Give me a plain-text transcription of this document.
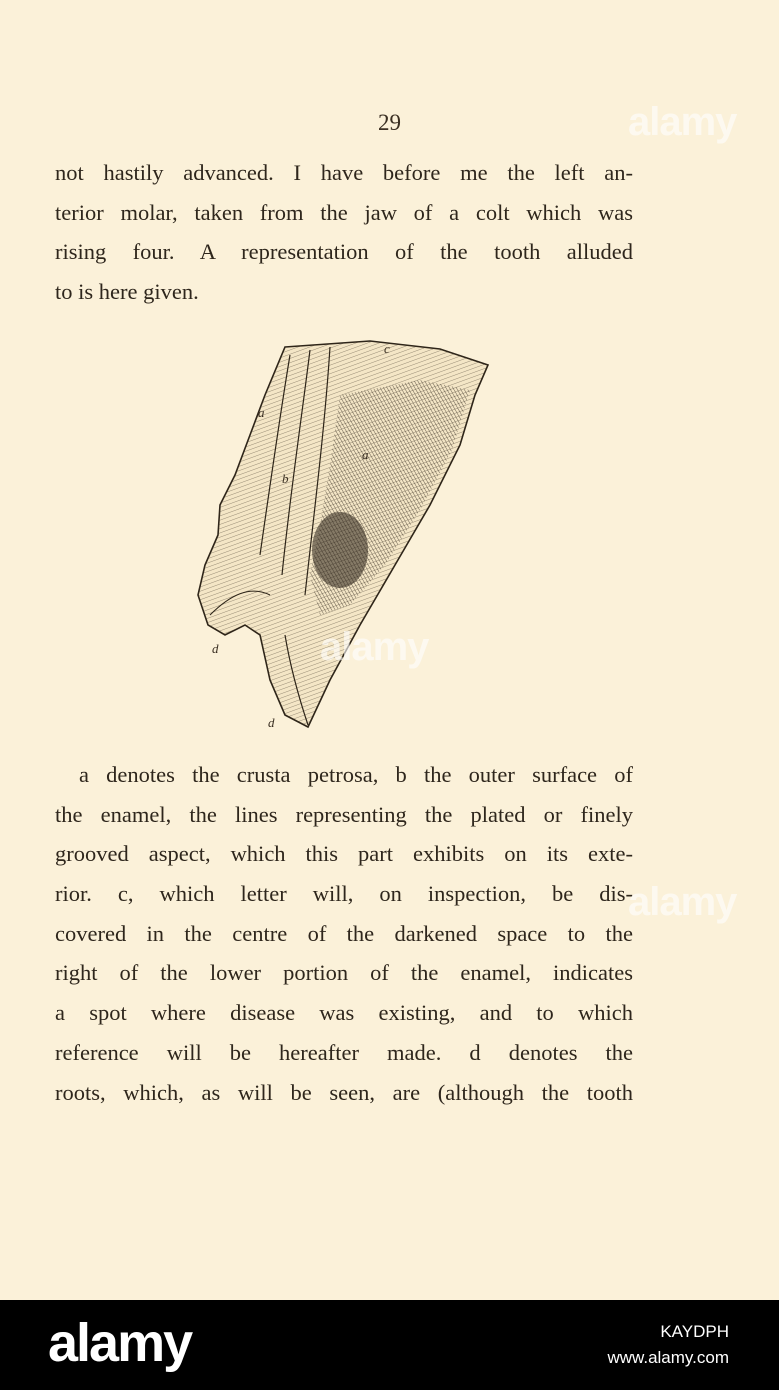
29
not hastily advanced. I have before me the left an-
terior molar, taken from the jaw of a colt which was
rising four. A representation of the tooth alluded
to is here given.
c
a
a
b
d
d
a denotes the crusta petrosa, b the outer surface of
the enamel, the lines representing the plated or finely
grooved aspect, which this part exhibits on its exte-
rior. c, which letter will, on inspection, be dis-
covered in the centre of the darkened space to the
right of the lower portion of the enamel, indicates
a spot where disease was existing, and to which
reference will be hereafter made. d denotes the
roots, which, as will be seen, are (although the tooth
alamy
alamy
alamy
alamy	KAYDPH
www.alamy.com
